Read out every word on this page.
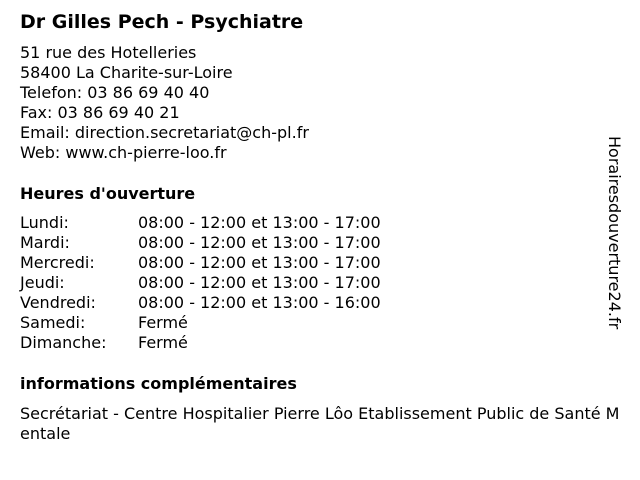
Dr Gilles Pech - Psychiatre
51 rue des Hotelleries
58400 La Charite-sur-Loire
Telefon: 03 86 69 40 40
Fax: 03 86 69 40 21
Email: direction.secretariat@ch-pl.fr
Web: www.ch-pierre-loo.fr
Heures d'ouverture
Lundi:	08:00 - 12:00 et 13:00 - 17:00
Mardi:	08:00 - 12:00 et 13:00 - 17:00
Mercredi:	08:00 - 12:00 et 13:00 - 17:00
Jeudi:	08:00 - 12:00 et 13:00 - 17:00
Vendredi:	08:00 - 12:00 et 13:00 - 16:00
Samedi:	Fermé
Dimanche:	Fermé
informations complémentaires
Secrétariat - Centre Hospitalier Pierre Lôo Etablissement Public de Santé Mentale
Horairesdouverture24.fr
